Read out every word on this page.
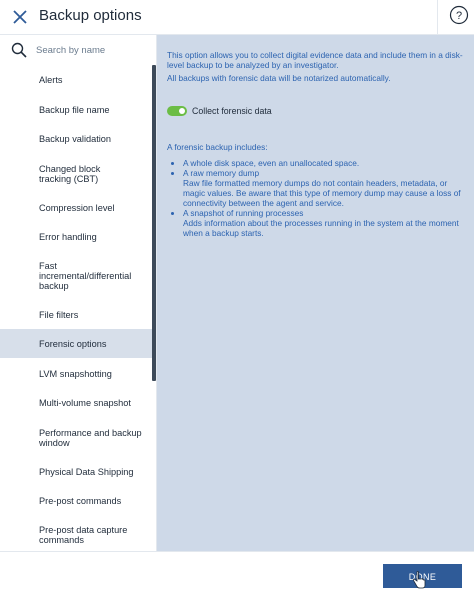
Backup options	?
Search by name
Alerts
Backup file name
Backup validation
Changed block tracking (CBT)
Compression level
Error handling
Fast incremental/differential backup
File filters
Forensic options
LVM snapshotting
Multi-volume snapshot
Performance and backup window
Physical Data Shipping
Pre-post commands
Pre-post data capture commands

This option allows you to collect digital evidence data and include them in a disk-level backup to be analyzed by an investigator.

All backups with forensic data will be notarized automatically.

Collect forensic data

A forensic backup includes:

• A whole disk space, even an unallocated space.
• A raw memory dump
Raw file formatted memory dumps do not contain headers, metadata, or magic values. Be aware that this type of memory dump may cause a loss of connectivity between the agent and service.
• A snapshot of running processes
Adds information about the processes running in the system at the moment when a backup starts.
DONE
